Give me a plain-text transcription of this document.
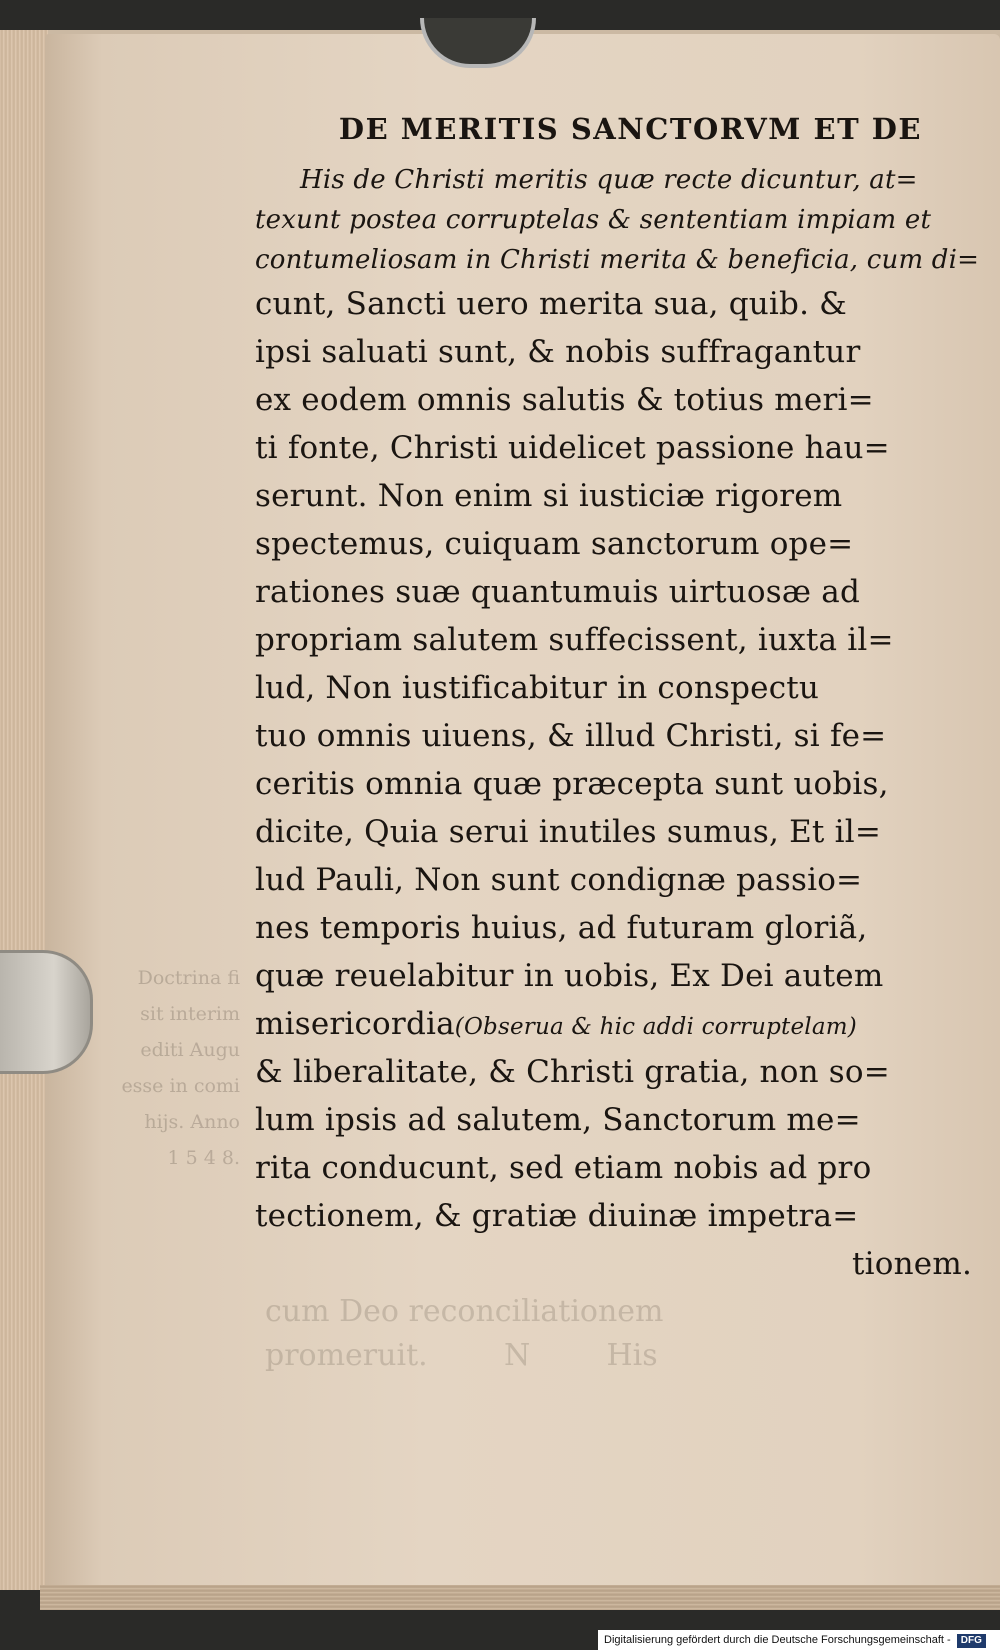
Doctrina fi
sit interim
editi Augu
esse in comi
hijs. Anno
1 5 4 8.
cum Deo reconciliationem
promeruit.        N        His
DE MERITIS SANCTORVM ET DE
His de Christi meritis quæ recte dicuntur, at=
texunt postea corruptelas & sententiam impiam et
contumeliosam in Christi merita & beneficia, cum di=
cunt, Sancti uero merita sua, quib. &
ipsi saluati sunt, & nobis suffragantur
ex eodem omnis salutis & totius meri=
ti fonte, Christi uidelicet passione hau=
serunt. Non enim si iusticiæ rigorem
spectemus, cuiquam sanctorum ope=
rationes suæ quantumuis uirtuosæ ad
propriam salutem suffecissent, iuxta il=
lud, Non iustificabitur in conspectu
tuo omnis uiuens, & illud Christi, si fe=
ceritis omnia quæ præcepta sunt uobis,
dicite, Quia serui inutiles sumus, Et il=
lud Pauli, Non sunt condignæ passio=
nes temporis huius, ad futuram gloriã,
quæ reuelabitur in uobis, Ex Dei autem
misericordia(Obserua & hic addi corruptelam)
& liberalitate, & Christi gratia, non so=
lum ipsis ad salutem, Sanctorum me=
rita conducunt, sed etiam nobis ad pro
tectionem, & gratiæ diuinæ impetra=
tionem.
Digitalisierung gefördert durch die Deutsche Forschungsgemeinschaft - DFG
